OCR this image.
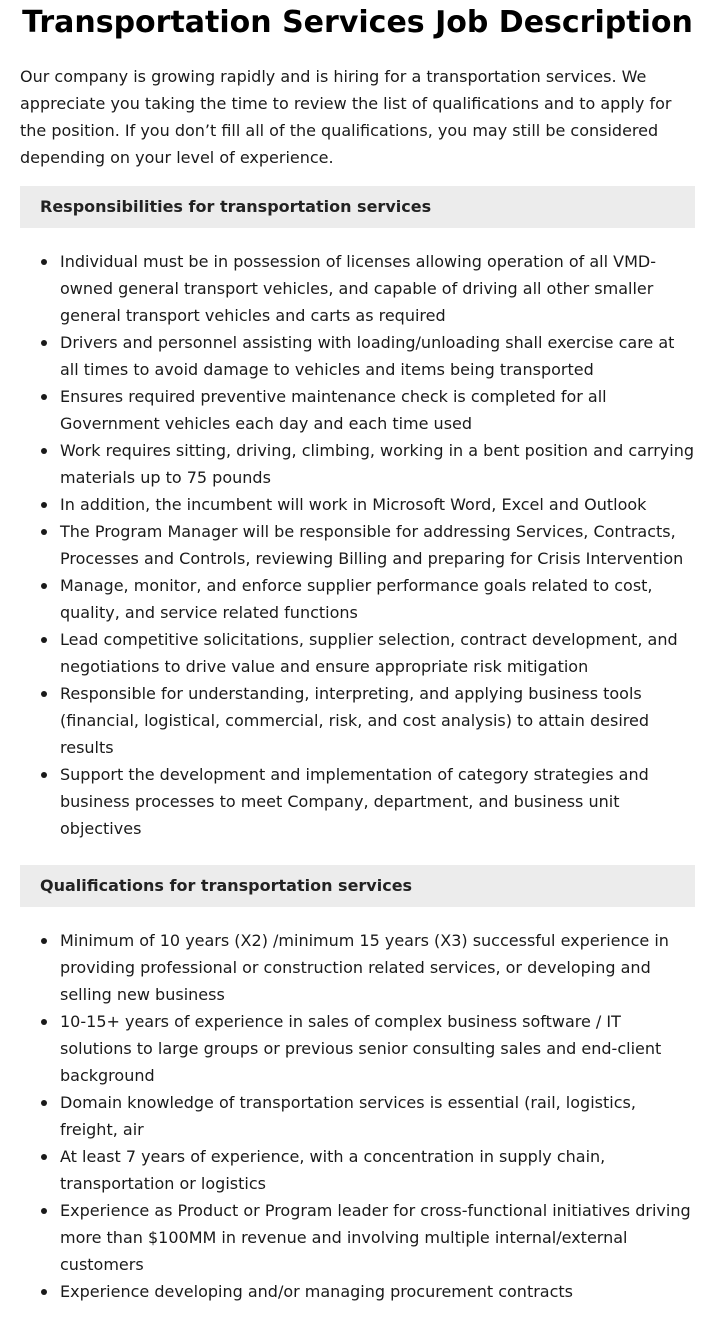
Transportation Services Job Description

Our company is growing rapidly and is hiring for a transportation services. We appreciate you taking the time to review the list of qualifications and to apply for the position. If you don’t fill all of the qualifications, you may still be considered depending on your level of experience.

Responsibilities for transportation services
Individual must be in possession of licenses allowing operation of all VMD-owned general transport vehicles, and capable of driving all other smaller general transport vehicles and carts as required
Drivers and personnel assisting with loading/unloading shall exercise care at all times to avoid damage to vehicles and items being transported
Ensures required preventive maintenance check is completed for all Government vehicles each day and each time used
Work requires sitting, driving, climbing, working in a bent position and carrying materials up to 75 pounds
In addition, the incumbent will work in Microsoft Word, Excel and Outlook
The Program Manager will be responsible for addressing Services, Contracts, Processes and Controls, reviewing Billing and preparing for Crisis Intervention
Manage, monitor, and enforce supplier performance goals related to cost, quality, and service related functions
Lead competitive solicitations, supplier selection, contract development, and negotiations to drive value and ensure appropriate risk mitigation
Responsible for understanding, interpreting, and applying business tools (financial, logistical, commercial, risk, and cost analysis) to attain desired results
Support the development and implementation of category strategies and business processes to meet Company, department, and business unit objectives
Qualifications for transportation services
Minimum of 10 years (X2) /minimum 15 years (X3) successful experience in providing professional or construction related services, or developing and selling new business
10-15+ years of experience in sales of complex business software / IT solutions to large groups or previous senior consulting sales and end-client background
Domain knowledge of transportation services is essential (rail, logistics, freight, air
At least 7 years of experience, with a concentration in supply chain, transportation or logistics
Experience as Product or Program leader for cross-functional initiatives driving more than $100MM in revenue and involving multiple internal/external customers
Experience developing and/or managing procurement contracts
